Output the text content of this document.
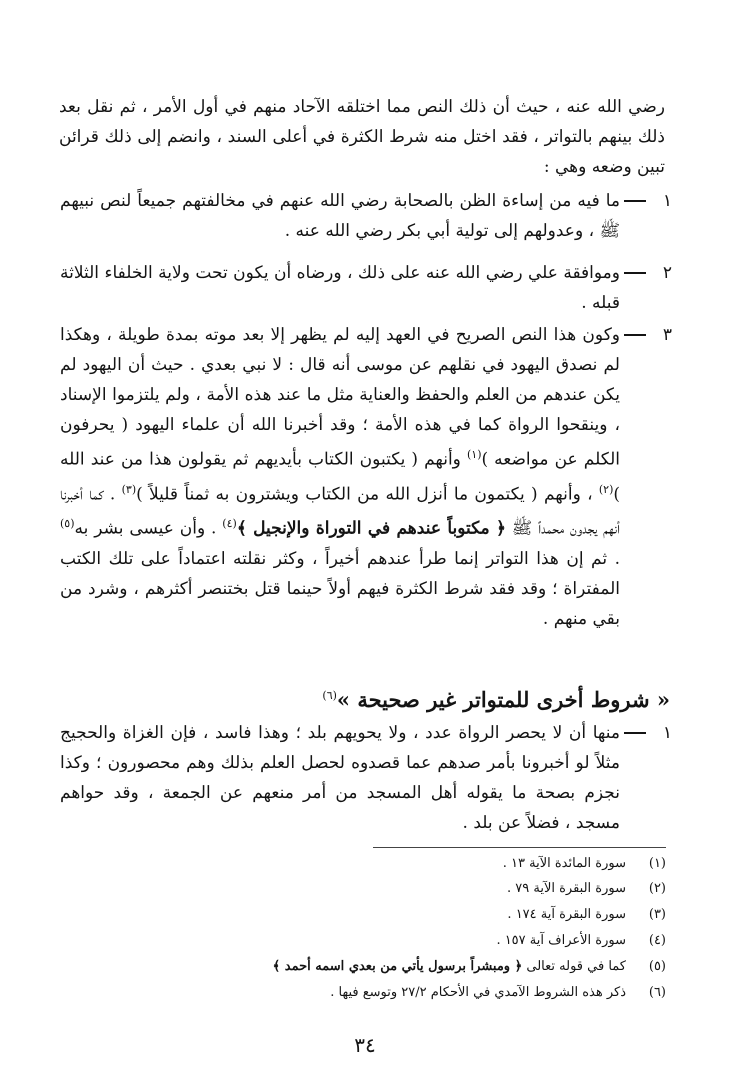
رضي الله عنه ، حيث أن ذلك النص مما اختلقه الآحاد منهم في أول الأمر ، ثم نقل بعد ذلك بينهم بالتواتر ، فقد اختل منه شرط الكثرة في أعلى السند ، وانضم إلى ذلك قرائن تبين وضعه وهي :

١
ما فيه من إساءة الظن بالصحابة رضي الله عنهم في مخالفتهم جميعاً لنص نبيهم ﷺ ، وعدولهم إلى تولية أبي بكر رضي الله عنه .
٢
وموافقة علي رضي الله عنه على ذلك ، ورضاه أن يكون تحت ولاية الخلفاء الثلاثة قبله .
٣
وكون هذا النص الصريح في العهد إليه لم يظهر إلا بعد موته بمدة طويلة ، وهكذا لم نصدق اليهود في نقلهم عن موسى أنه قال : لا نبي بعدي . حيث أن اليهود لم يكن عندهم من العلم والحفظ والعناية مثل ما عند هذه الأمة ، ولم يلتزموا الإسناد ، وينقحوا الرواة كما في هذه الأمة ؛ وقد أخبرنا الله أن علماء اليهود ( يحرفون الكلم عن مواضعه )$^{(١)}$ وأنهم ( يكتبون الكتاب بأيديهم ثم يقولون هذا من عند الله )$^{(٢)}$ ، وأنهم ( يكتمون ما أنزل الله من الكتاب ويشترون به ثمناً قليلاً )$^{(٣)}$ . كما أخبرنا أنهم يجدون محمداً ﷺ ﴿ مكتوباً عندهم في التوراة والإنجيل ﴾$^{(٤)}$ . وأن عيسى بشر به$^{(٥)}$ . ثم إن هذا التواتر إنما طرأ عندهم أخيراً ، وكثر نقلته اعتماداً على تلك الكتب المفتراة ؛ وقد فقد شرط الكثرة فيهم أولاً حينما قتل بختنصر أكثرهم ، وشرد من بقي منهم .
« شروط أخرى للمتواتر غير صحيحة »$^{(٦)}$
١
منها أن لا يحصر الرواة عدد ، ولا يحويهم بلد ؛ وهذا فاسد ، فإن الغزاة والحجيج مثلاً لو أخبرونا بأمر صدهم عما قصدوه لحصل العلم بذلك وهم محصورون ؛ وكذا نجزم بصحة ما يقوله أهل المسجد من أمر منعهم عن الجمعة ، وقد حواهم مسجد ، فضلاً عن بلد .
(١)سورة المائدة الآية ١٣ .
(٢)سورة البقرة الآية ٧٩ .
(٣)سورة البقرة آية ١٧٤ .
(٤)سورة الأعراف آية ١٥٧ .
(٥)كما في قوله تعالى ﴿ ومبشراً برسول يأتي من بعدي اسمه أحمد ﴾
(٦)ذكر هذه الشروط الآمدي في الأحكام ٢٧/٢ وتوسع فيها .
٣٤
